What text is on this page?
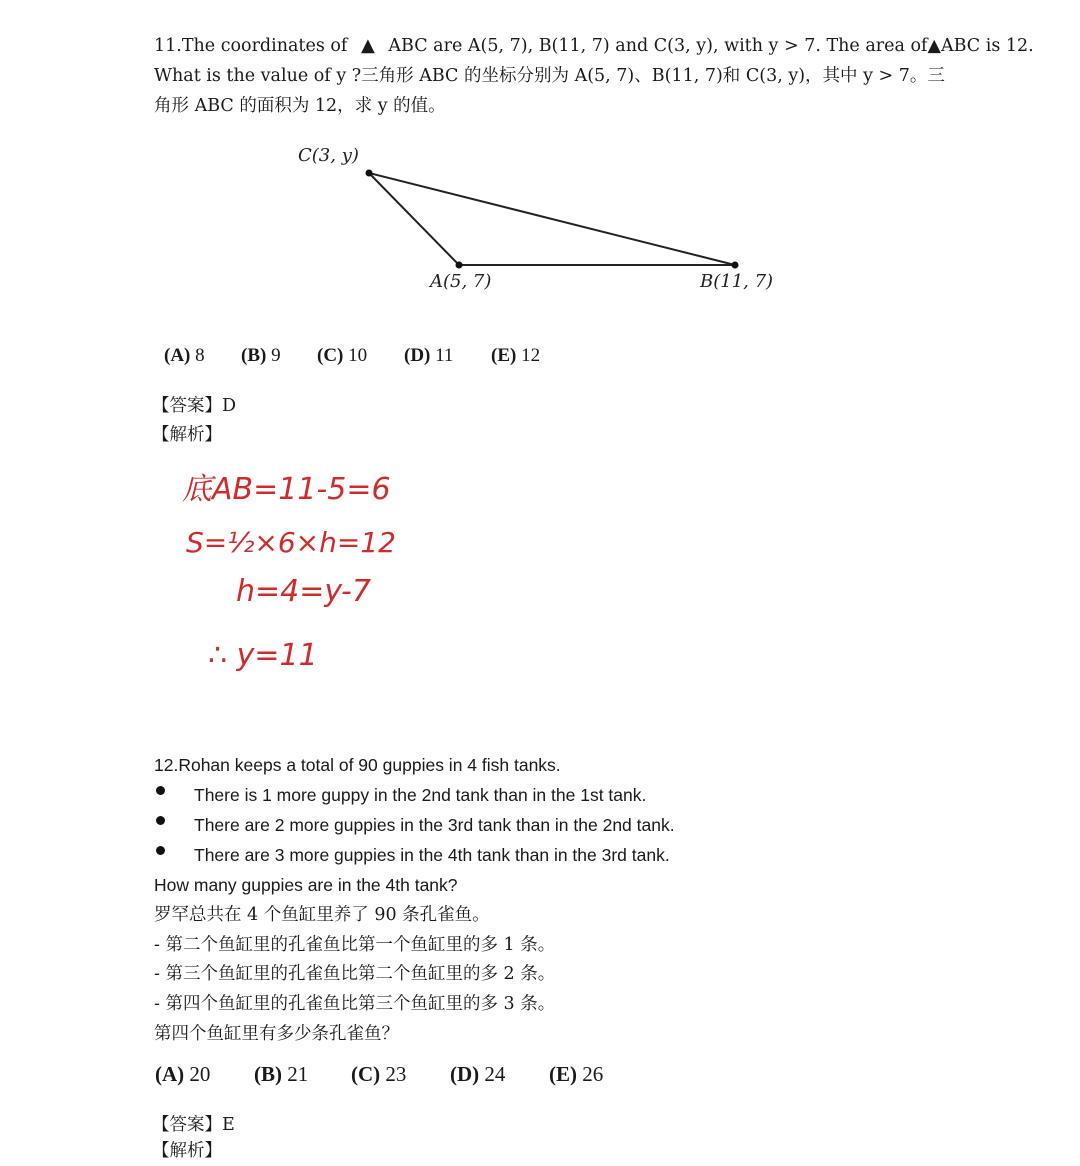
11.The coordinates of ▲ ABC are A(5, 7), B(11, 7) and C(3, y), with y > 7. The area of▲ABC is 12.
What is the value of y ?三角形 ABC 的坐标分别为 A(5, 7)、B(11, 7)和 C(3, y)，其中 y > 7。三
角形 ABC 的面积为 12，求 y 的值。
C(3, y)
A(5, 7)	B(11, 7)
(A) 8 (B) 9 (C) 10 (D) 11 (E) 12
【答案】D
【解析】
底AB=11-5=6
S=½×6×h=12
h=4=y-7
∴ y=11
12.Rohan keeps a total of 90 guppies in 4 fish tanks.
There is 1 more guppy in the 2nd tank than in the 1st tank.
There are 2 more guppies in the 3rd tank than in the 2nd tank.
There are 3 more guppies in the 4th tank than in the 3rd tank.
How many guppies are in the 4th tank?
罗罕总共在 4 个鱼缸里养了 90 条孔雀鱼。
- 第二个鱼缸里的孔雀鱼比第一个鱼缸里的多 1 条。
- 第三个鱼缸里的孔雀鱼比第二个鱼缸里的多 2 条。
- 第四个鱼缸里的孔雀鱼比第三个鱼缸里的多 3 条。
第四个鱼缸里有多少条孔雀鱼？
(A) 20 (B) 21 (C) 23 (D) 24 (E) 26
【答案】E
【解析】
